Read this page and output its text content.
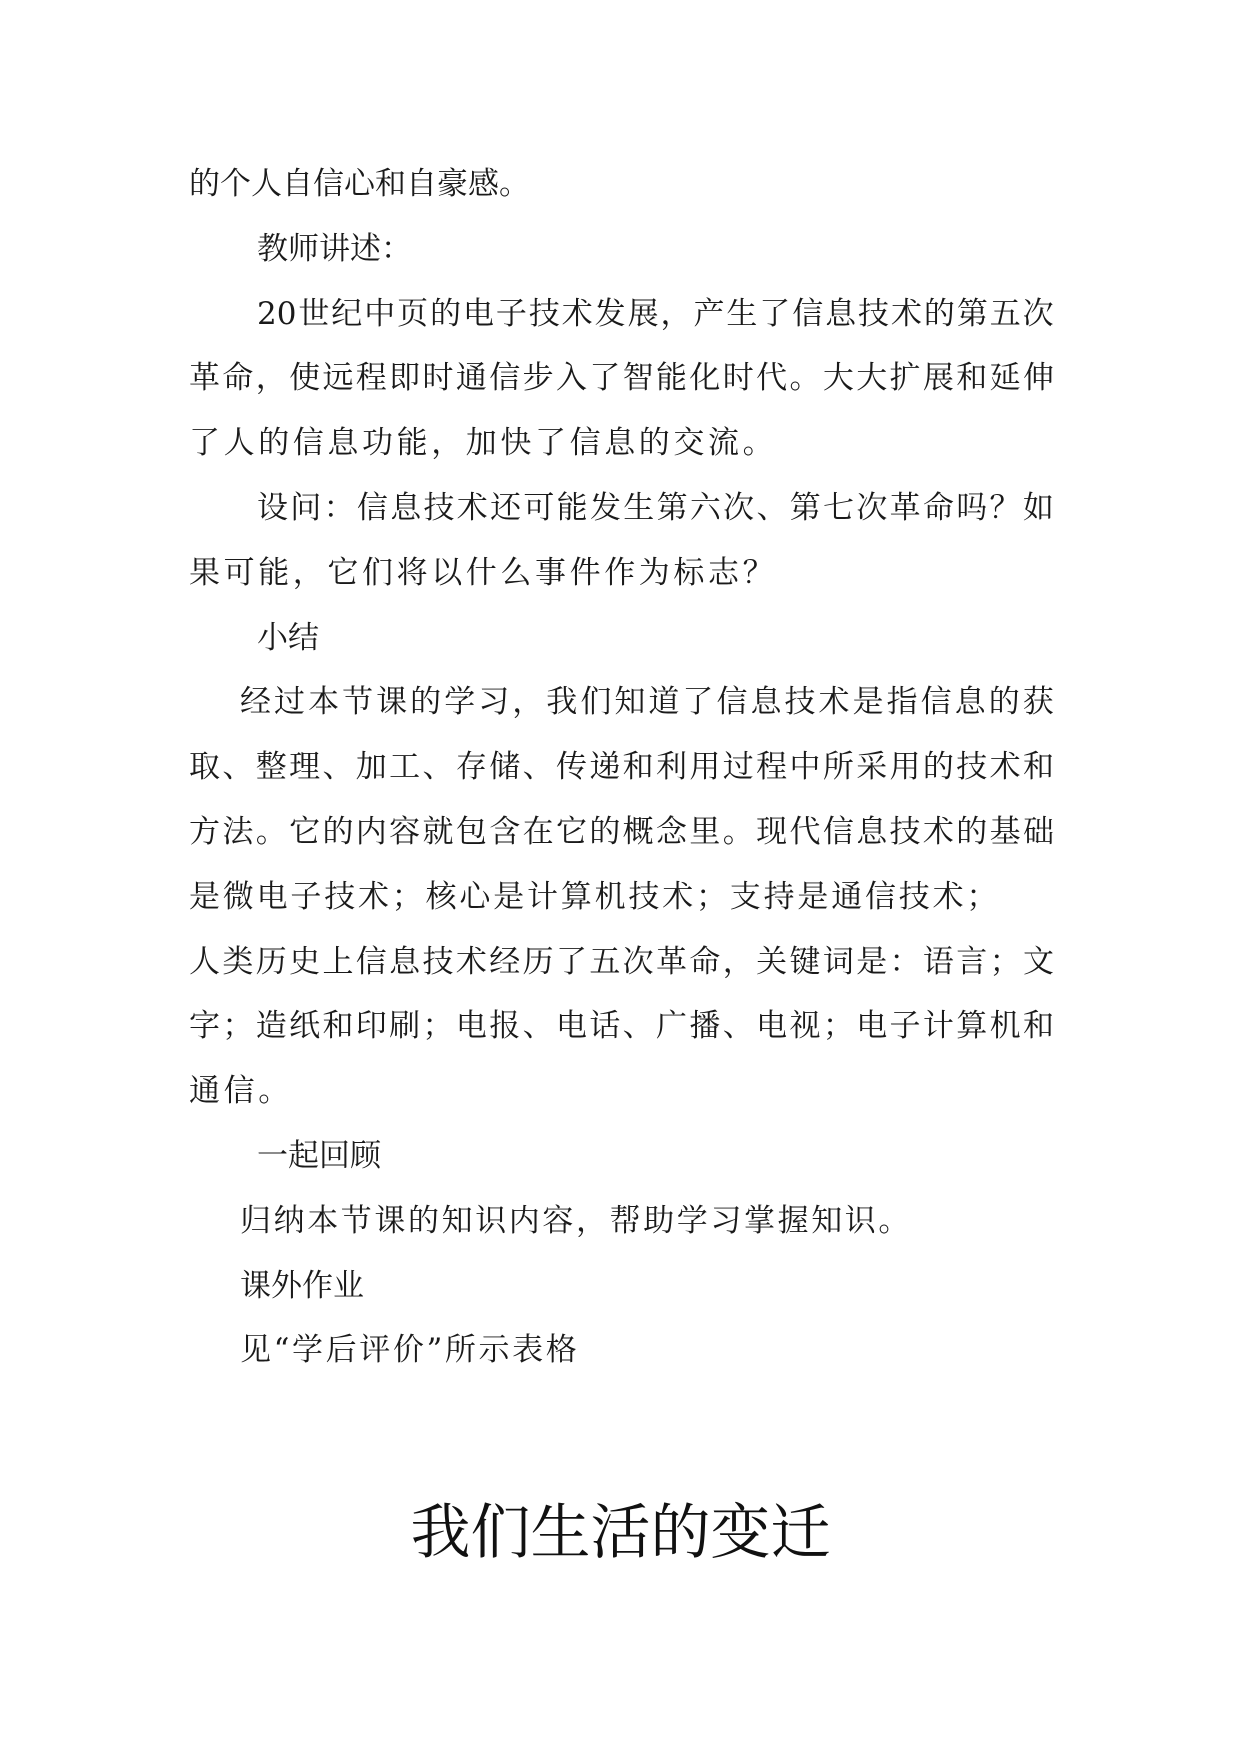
的个人自信心和自豪感。
教师讲述：
20 世 纪 中 页 的 电 子 技 术 发 展 ， 产 生 了 信 息 技 术 的 第 五 次
革 命 ， 使 远 程 即 时 通 信 步 入 了 智 能 化 时 代 。 大 大 扩 展 和 延 伸
了人的信息功能，加快了信息的交流。
设 问 ： 信 息 技 术 还 可 能 发 生 第 六 次 、 第 七 次 革 命 吗 ？ 如
果可能，它们将以什么事件作为标志？
小结
经 过 本 节 课 的 学 习 ， 我 们 知 道 了 信 息 技 术 是 指 信 息 的 获
取 、 整 理 、 加 工 、 存 储 、 传 递 和 利 用 过 程 中 所 采 用 的 技 术 和
方 法 。 它 的 内 容 就 包 含 在 它 的 概 念 里 。 现 代 信 息 技 术 的 基 础
是微电子技术；核心是计算机技术；支持是通信技术；
人 类 历 史 上 信 息 技 术 经 历 了 五 次 革 命 ， 关 键 词 是 ： 语 言 ； 文
字 ； 造 纸 和 印 刷 ； 电 报 、 电 话 、 广 播 、 电 视 ； 电 子 计 算 机 和
通信。
一起回顾
归纳本节课的知识内容，帮助学习掌握知识。
课外作业
见“学后评价”所示表格
我们生活的变迁
